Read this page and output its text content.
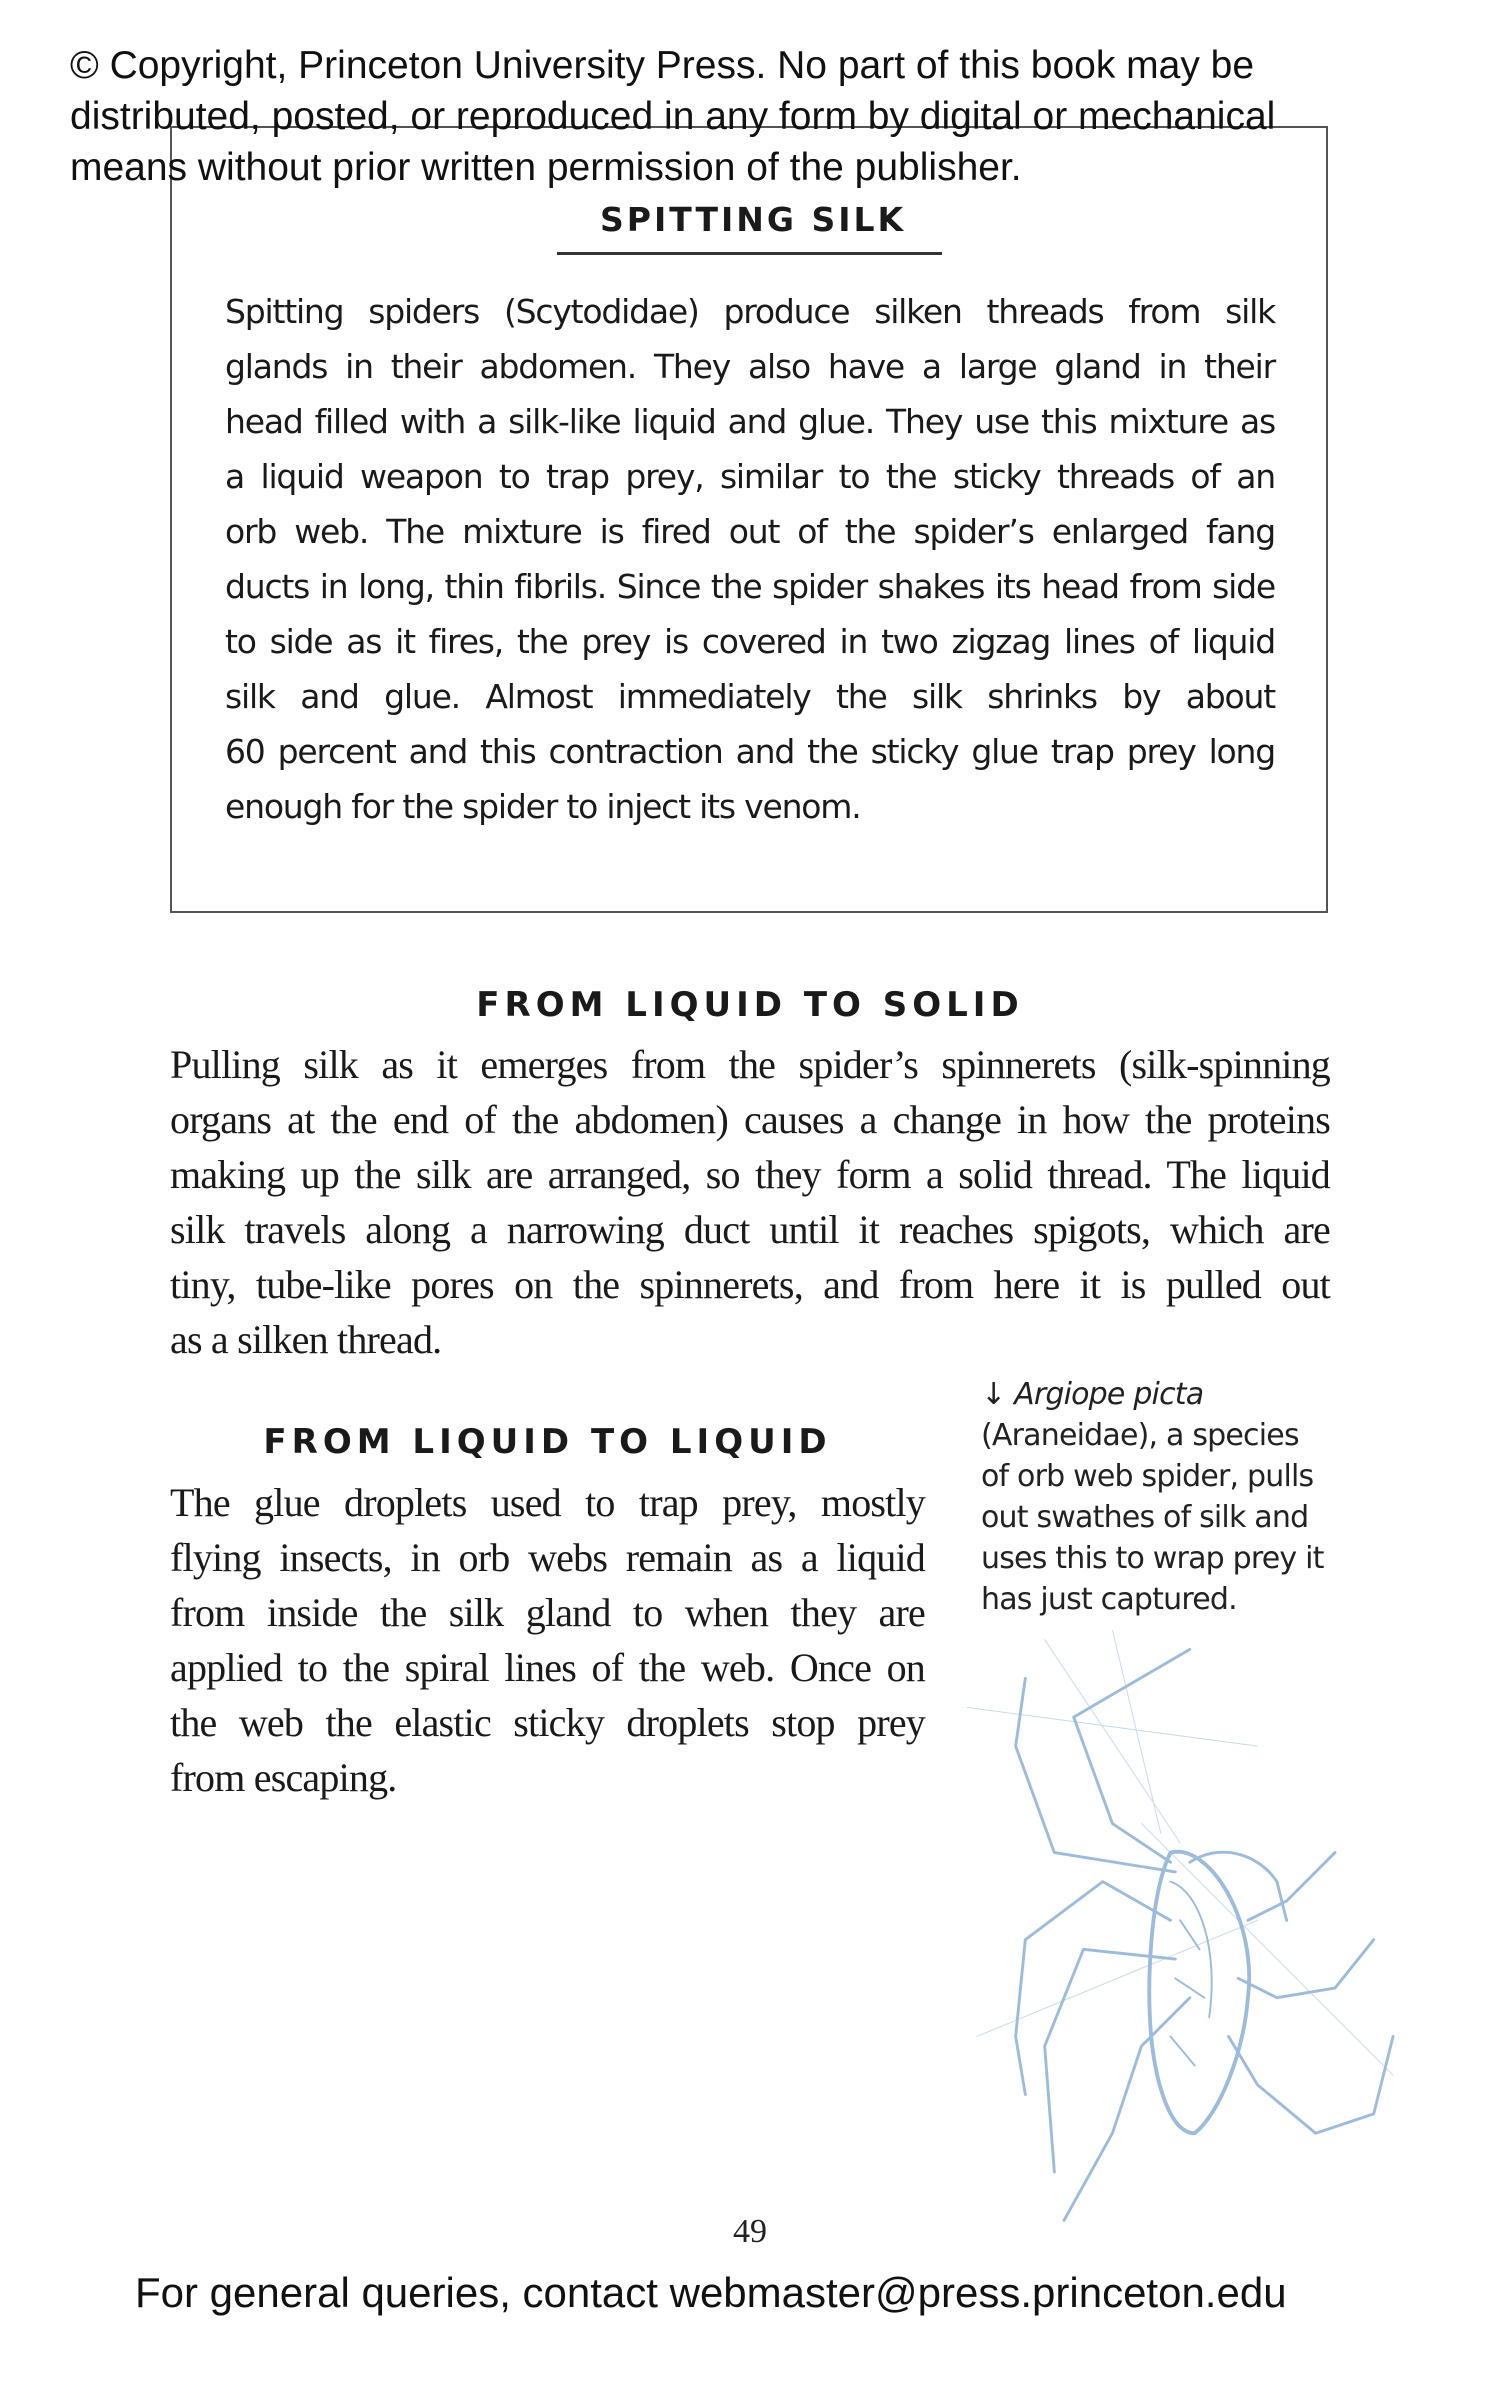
© Copyright, Princeton University Press. No part of this book may be
distributed, posted, or reproduced in any form by digital or mechanical
means without prior written permission of the publisher.
SPITTING SILK
Spitting spiders (Scytodidae) produce silken threads from silk
glands in their abdomen. They also have a large gland in their
head filled with a silk-like liquid and glue. They use this mixture as
a liquid weapon to trap prey, similar to the sticky threads of an
orb web. The mixture is fired out of the spider’s enlarged fang
ducts in long, thin fibrils. Since the spider shakes its head from side
to side as it fires, the prey is covered in two zigzag lines of liquid
silk and glue. Almost immediately the silk shrinks by about
60 percent and this contraction and the sticky glue trap prey long
enough for the spider to inject its venom.
FROM LIQUID TO SOLID
Pulling silk as it emerges from the spider’s spinnerets (silk-spinning
organs at the end of the abdomen) causes a change in how the proteins
making up the silk are arranged, so they form a solid thread. The liquid
silk travels along a narrowing duct until it reaches spigots, which are
tiny, tube-like pores on the spinnerets, and from here it is pulled out
as a silken thread.
FROM LIQUID TO LIQUID
The glue droplets used to trap prey, mostly
flying insects, in orb webs remain as a liquid
from inside the silk gland to when they are
applied to the spiral lines of the web. Once on
the web the elastic sticky droplets stop prey
from escaping.
↓ Argiope picta
(Araneidae), a species
of orb web spider, pulls
out swathes of silk and
uses this to wrap prey it
has just captured.
49
For general queries, contact webmaster@press.princeton.edu
